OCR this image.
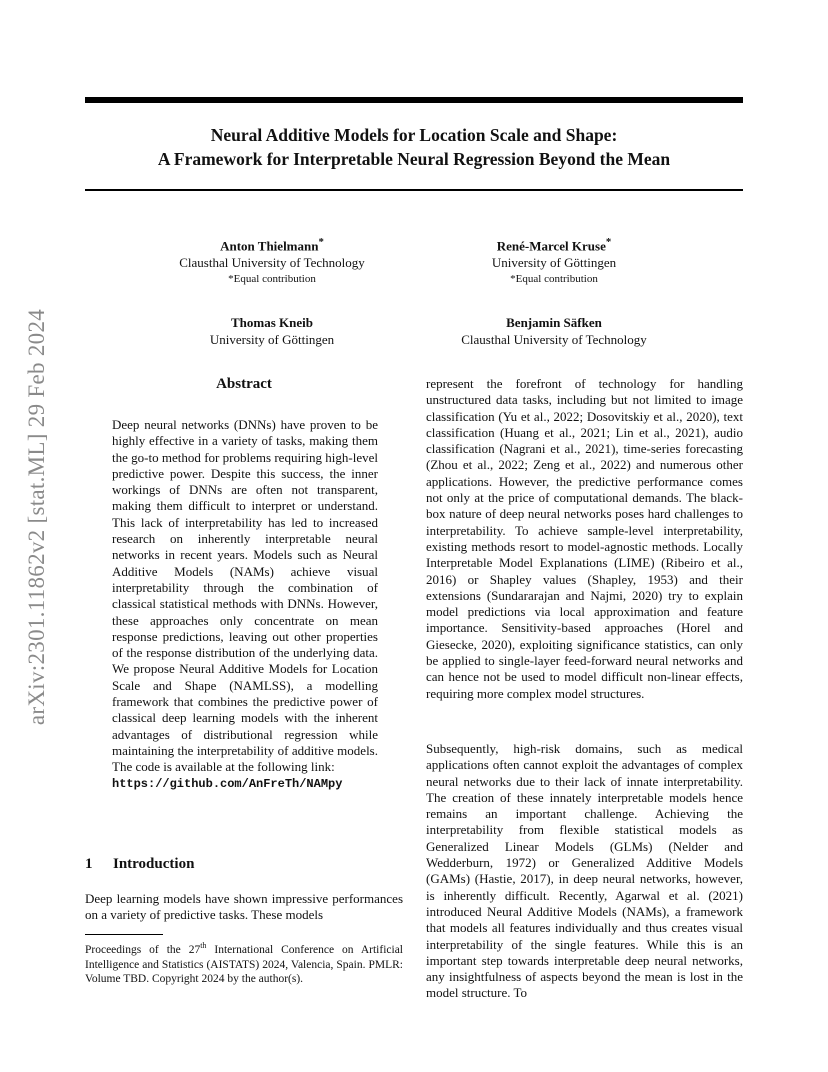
Neural Additive Models for Location Scale and Shape:
A Framework for Interpretable Neural Regression Beyond the Mean
arXiv:2301.11862v2 [stat.ML] 29 Feb 2024
Anton Thielmann*
Clausthal University of Technology
*Equal contribution
René-Marcel Kruse*
University of Göttingen
*Equal contribution
Thomas Kneib
University of Göttingen
Benjamin Säfken
Clausthal University of Technology
Abstract
Deep neural networks (DNNs) have proven to be highly effective in a variety of tasks, making them the go-to method for problems requiring high-level predictive power. Despite this success, the inner workings of DNNs are often not transparent, making them difficult to interpret or understand. This lack of interpretability has led to increased research on inherently interpretable neural networks in recent years. Models such as Neural Additive Models (NAMs) achieve visual interpretability through the combination of classical statistical methods with DNNs. However, these approaches only concentrate on mean response predictions, leaving out other properties of the response distribution of the underlying data. We propose Neural Additive Models for Location Scale and Shape (NAMLSS), a modelling framework that combines the predictive power of classical deep learning models with the inherent advantages of distributional regression while maintaining the interpretability of additive models. The code is available at the following link:
https://github.com/AnFreTh/NAMpy
1 Introduction
Deep learning models have shown impressive performances on a variety of predictive tasks. These models
Proceedings of the 27th International Conference on Artificial Intelligence and Statistics (AISTATS) 2024, Valencia, Spain. PMLR: Volume TBD. Copyright 2024 by the author(s).
represent the forefront of technology for handling unstructured data tasks, including but not limited to image classification (Yu et al., 2022; Dosovitskiy et al., 2020), text classification (Huang et al., 2021; Lin et al., 2021), audio classification (Nagrani et al., 2021), time-series forecasting (Zhou et al., 2022; Zeng et al., 2022) and numerous other applications. However, the predictive performance comes not only at the price of computational demands. The black-box nature of deep neural networks poses hard challenges to interpretability. To achieve sample-level interpretability, existing methods resort to model-agnostic methods. Locally Interpretable Model Explanations (LIME) (Ribeiro et al., 2016) or Shapley values (Shapley, 1953) and their extensions (Sundararajan and Najmi, 2020) try to explain model predictions via local approximation and feature importance. Sensitivity-based approaches (Horel and Giesecke, 2020), exploiting significance statistics, can only be applied to single-layer feed-forward neural networks and can hence not be used to model difficult non-linear effects, requiring more complex model structures.
Subsequently, high-risk domains, such as medical applications often cannot exploit the advantages of complex neural networks due to their lack of innate interpretability. The creation of these innately interpretable models hence remains an important challenge. Achieving the interpretability from flexible statistical models as Generalized Linear Models (GLMs) (Nelder and Wedderburn, 1972) or Generalized Additive Models (GAMs) (Hastie, 2017), in deep neural networks, however, is inherently difficult. Recently, Agarwal et al. (2021) introduced Neural Additive Models (NAMs), a framework that models all features individually and thus creates visual interpretability of the single features. While this is an important step towards interpretable deep neural networks, any insightfulness of aspects beyond the mean is lost in the model structure. To
